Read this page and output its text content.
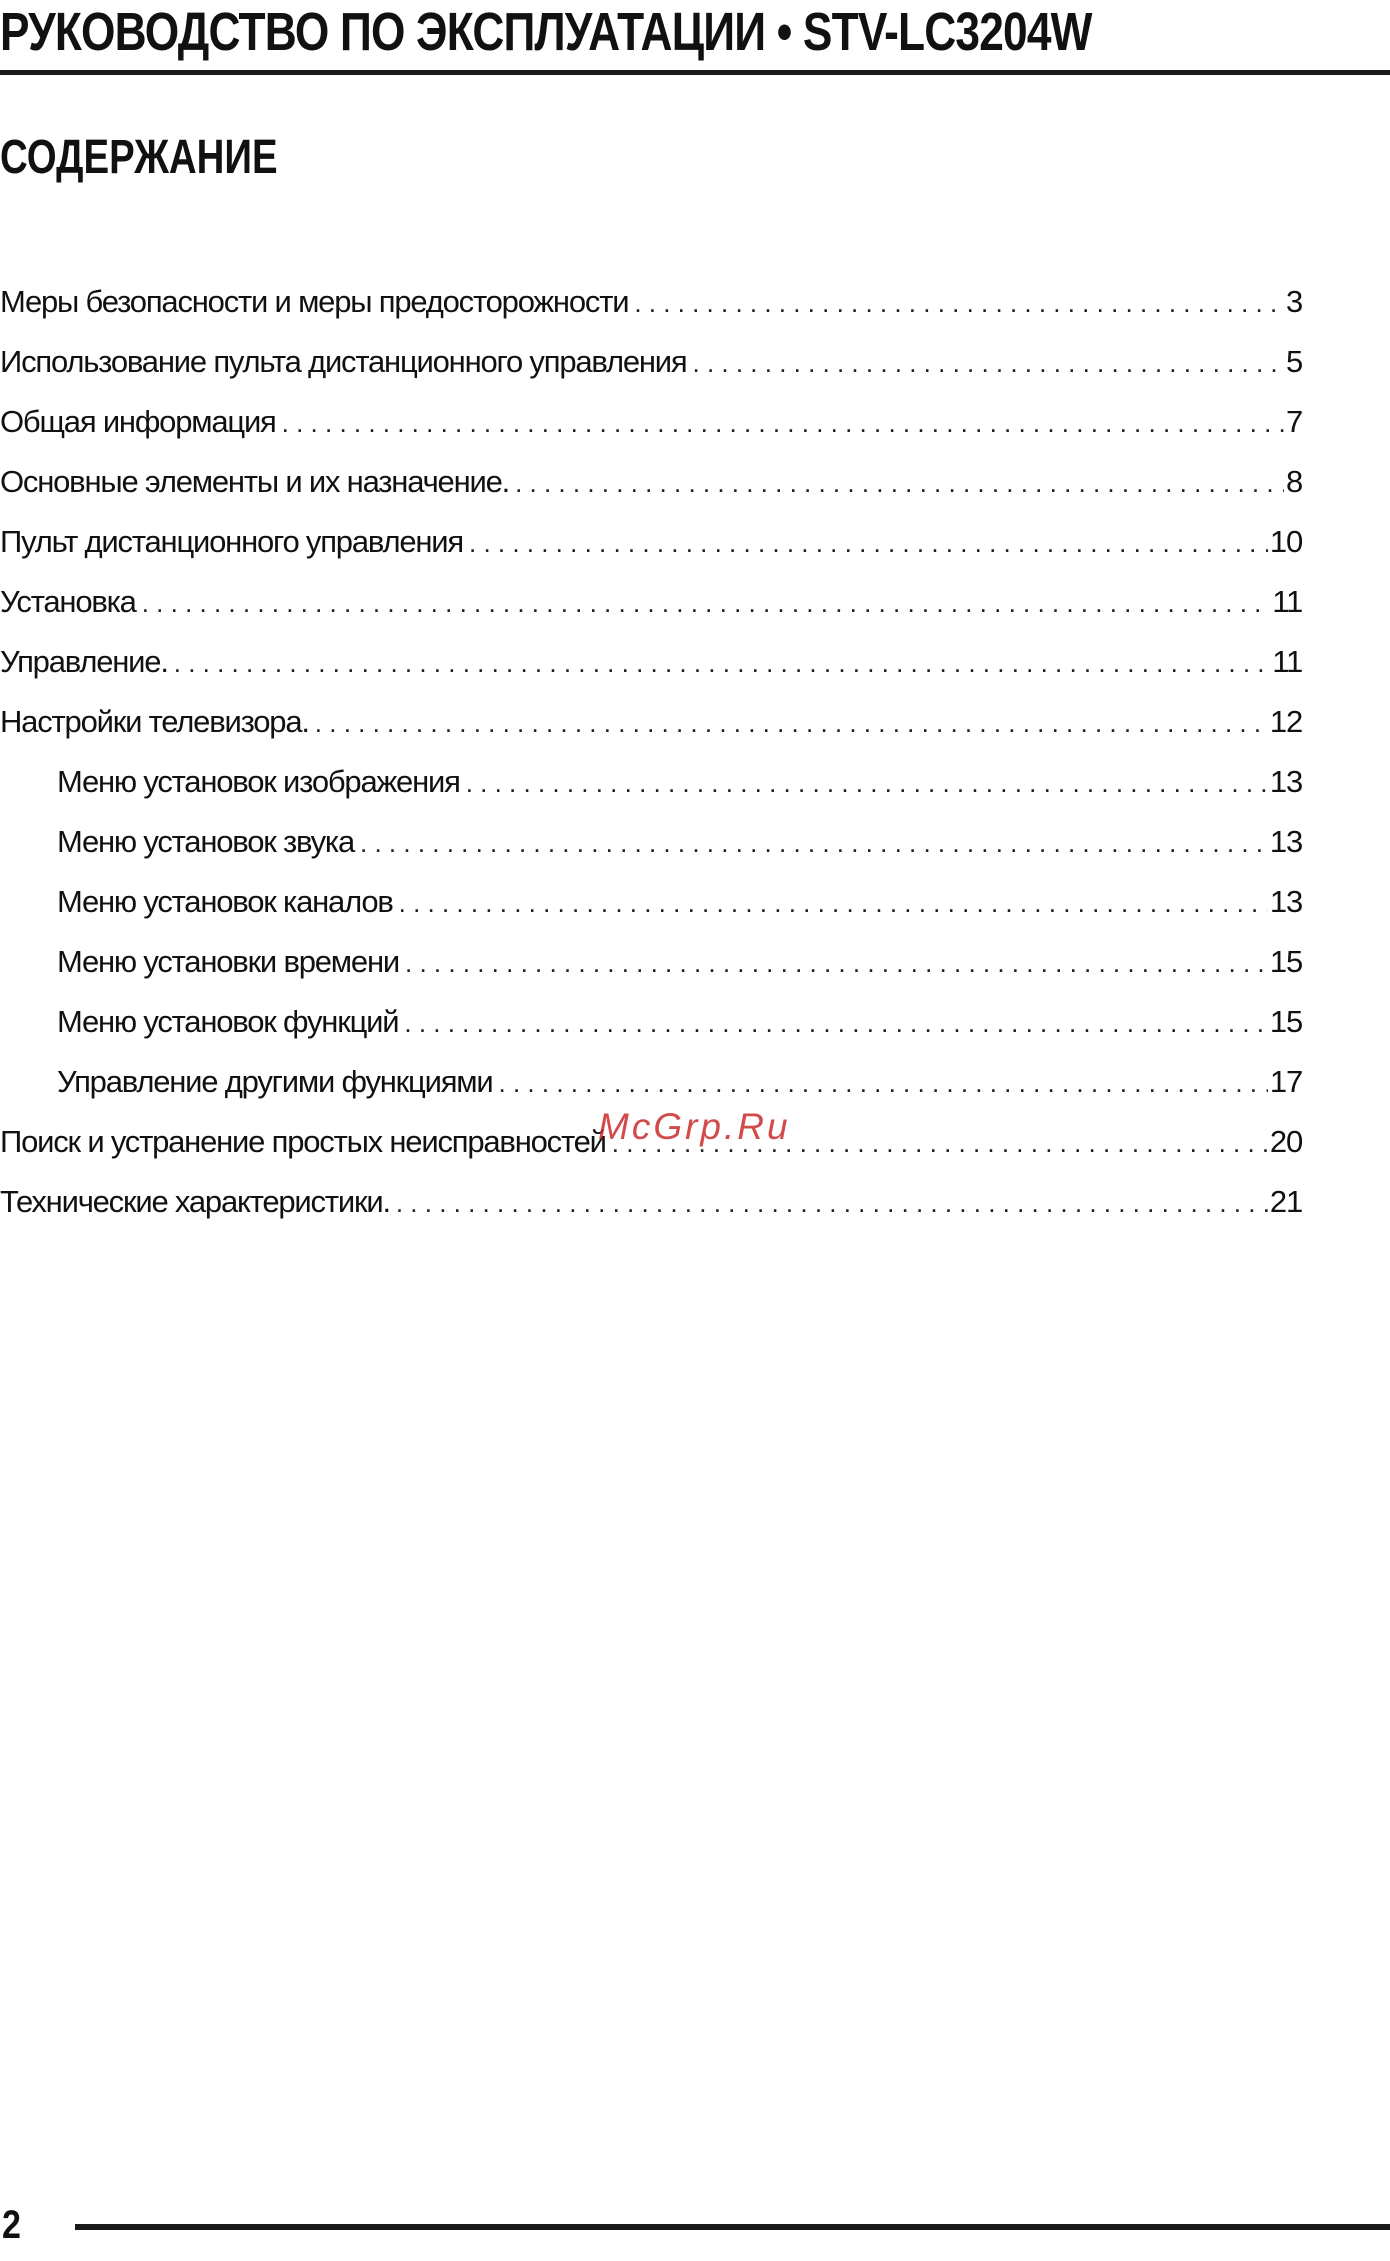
РУКОВОДСТВО ПО ЭКСПЛУАТАЦИИ • STV-LC3204W
СОДЕРЖАНИЕ
Меры безопасности и меры предосторожности . . .	3
Использование пульта дистанционного управления . . .	5
Общая информация . . .	7
Основные элементы и их назначение. . . .	8
Пульт дистанционного управления . . .	10
Установка . . .	11
Управление. . . .	11
Настройки телевизора. . . .	12
Меню установок изображения . . .	13
Меню установок звука . . .	13
Меню установок каналов . . .	13
Меню установки времени . . .	15
Меню установок функций . . .	15
Управление другими функциями . . .	17
Поиск и устранение простых неисправностей . . .	20
Технические характеристики. . . .	21
McGrp.Ru
2
